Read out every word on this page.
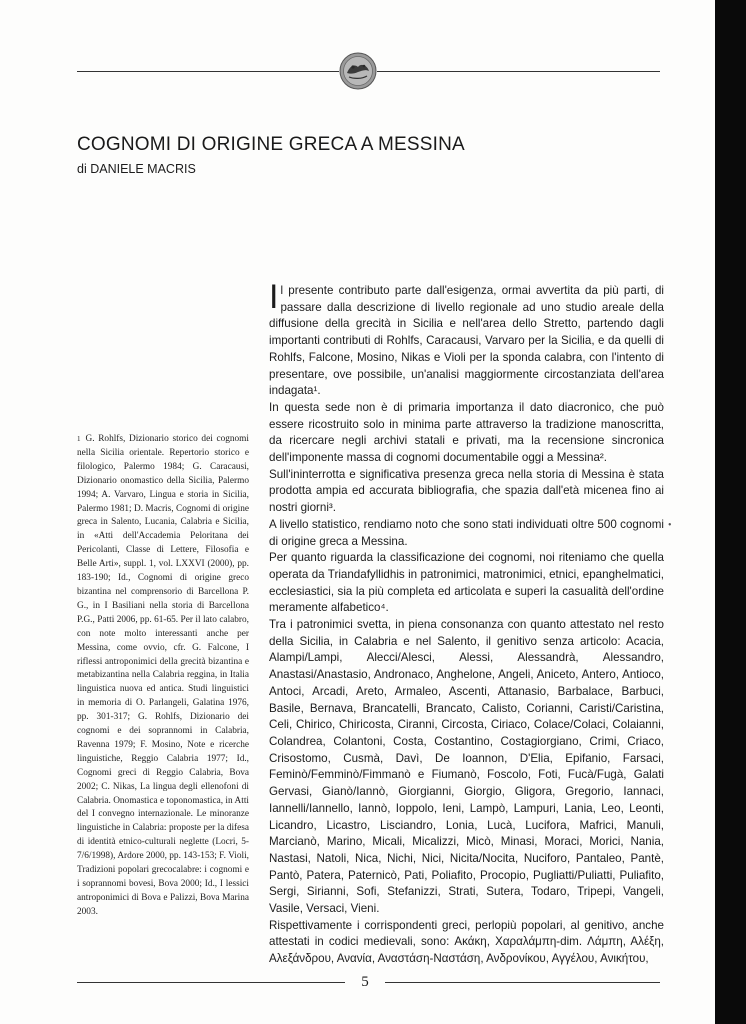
COGNOMI DI ORIGINE GRECA A MESSINA
di DANIELE MACRIS
$^1$ G. Rohlfs, Dizionario storico dei cognomi nella Sicilia orientale. Repertorio storico e filologico, Palermo 1984; G. Caracausi, Dizionario onomastico della Sicilia, Palermo 1994; A. Varvaro, Lingua e storia in Sicilia, Palermo 1981; D. Macris, Cognomi di origine greca in Salento, Lucania, Calabria e Sicilia, in «Atti dell'Accademia Peloritana dei Pericolanti, Classe di Lettere, Filosofia e Belle Arti», suppl. 1, vol. LXXVI (2000), pp. 183-190; Id., Cognomi di origine greco bizantina nel comprensorio di Barcellona P. G., in I Basiliani nella storia di Barcellona P.G., Patti 2006, pp. 61-65. Per il lato calabro, con note molto interessanti anche per Messina, come ovvio, cfr. G. Falcone, I riflessi antroponimici della grecità bizantina e metabizantina nella Calabria reggina, in Italia linguistica nuova ed antica. Studi linguistici in memoria di O. Parlangeli, Galatina 1976, pp. 301-317; G. Rohlfs, Dizionario dei cognomi e dei soprannomi in Calabria, Ravenna 1979; F. Mosino, Note e ricerche linguistiche, Reggio Calabria 1977; Id., Cognomi greci di Reggio Calabria, Bova 2002; C. Nikas, La lingua degli ellenofoni di Calabria. Onomastica e toponomastica, in Atti del I convegno internazionale. Le minoranze linguistiche in Calabria: proposte per la difesa di identità etnico-culturali neglette (Locri, 5-7/6/1998), Ardore 2000, pp. 143-153; F. Violi, Tradizioni popolari grecocalabre: i cognomi e i soprannomi bovesi, Bova 2000; Id., I lessici antroponimici di Bova e Palizzi, Bova Marina 2003.

Il presente contributo parte dall'esigenza, ormai avvertita da più parti, di passare dalla descrizione di livello regionale ad uno studio areale della diffusione della grecità in Sicilia e nell'area dello Stretto, partendo dagli importanti contributi di Rohlfs, Caracausi, Varvaro per la Sicilia, e da quelli di Rohlfs, Falcone, Mosino, Nikas e Violi per la sponda calabra, con l'intento di presentare, ove possibile, un'analisi maggiormente circostanziata dell'area indagata¹.

In questa sede non è di primaria importanza il dato diacronico, che può essere ricostruito solo in minima parte attraverso la tradizione manoscritta, da ricercare negli archivi statali e privati, ma la recensione sincronica dell'imponente massa di cognomi documentabile oggi a Messina².

Sull'ininterrotta e significativa presenza greca nella storia di Messina è stata prodotta ampia ed accurata bibliografia, che spazia dall'età micenea fino ai nostri giorni³.

A livello statistico, rendiamo noto che sono stati individuati oltre 500 cognomi di origine greca a Messina.

Per quanto riguarda la classificazione dei cognomi, noi riteniamo che quella operata da Triandafyllidhis in patronimici, matronimici, etnici, epanghelmatici, ecclesiastici, sia la più completa ed articolata e superi la casualità dell'ordine meramente alfabetico⁴.

Tra i patronimici svetta, in piena consonanza con quanto attestato nel resto della Sicilia, in Calabria e nel Salento, il genitivo senza articolo: Acacia, Alampi/Lampi, Alecci/Alesci, Alessi, Alessandrà, Alessandro, Anastasi/Anastasio, Andronaco, Anghelone, Angeli, Aniceto, Antero, Antioco, Antoci, Arcadi, Areto, Armaleo, Ascenti, Attanasio, Barbalace, Barbuci, Basile, Bernava, Brancatelli, Brancato, Calisto, Corianni, Caristi/Caristina, Celi, Chirico, Chiricosta, Ciranni, Circosta, Ciriaco, Colace/Colaci, Colaianni, Colandrea, Colantoni, Costa, Costantino, Costagiorgiano, Crimi, Criaco, Crisostomo, Cusmà, Davì, De Ioannon, D'Elia, Epifanio, Farsaci, Feminò/Femminò/Fimmanò e Fiumanò, Foscolo, Foti, Fucà/Fugà, Galati Gervasi, Gianò/Iannò, Giorgianni, Giorgio, Gligora, Gregorio, Iannaci, Iannelli/Iannello, Iannò, Ioppolo, Ieni, Lampò, Lampuri, Lania, Leo, Leonti, Licandro, Licastro, Lisciandro, Lonia, Lucà, Lucifora, Mafrici, Manuli, Marcianò, Marino, Micali, Micalizzi, Micò, Minasi, Moraci, Morici, Nania, Nastasi, Natoli, Nica, Nichi, Nici, Nicita/Nocita, Nuciforo, Pantaleo, Pantè, Pantò, Patera, Paternicò, Pati, Poliafito, Procopio, Pugliatti/Puliatti, Puliafito, Sergi, Sirianni, Sofi, Stefanizzi, Strati, Sutera, Todaro, Tripepi, Vangeli, Vasile, Versaci, Vieni.

Rispettivamente i corrispondenti greci, perlopiù popolari, al genitivo, anche attestati in codici medievali, sono: Ακάκη, Χαραλάμπη-dim. Λάμπη, Αλέξη, Αλεξάνδρου, Ανανία, Αναστάση-Ναστάση, Ανδρονίκου, Αγγέλου, Ανικήτου,

•
5
